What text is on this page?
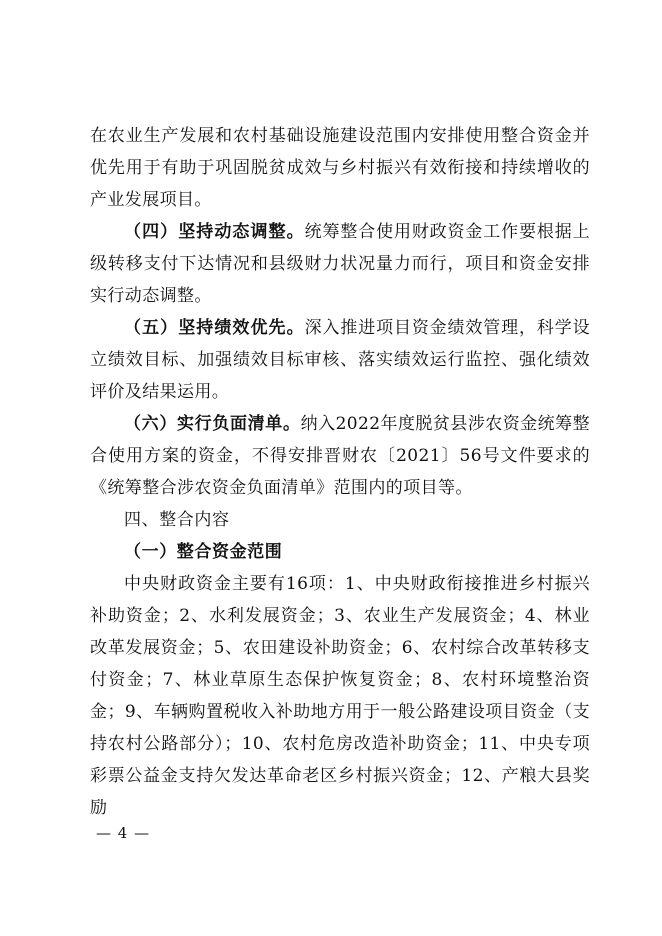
在农业生产发展和农村基础设施建设范围内安排使用整合资金并优先用于有助于巩固脱贫成效与乡村振兴有效衔接和持续增收的产业发展项目。

（四）坚持动态调整。统筹整合使用财政资金工作要根据上级转移支付下达情况和县级财力状况量力而行，项目和资金安排实行动态调整。

（五）坚持绩效优先。深入推进项目资金绩效管理，科学设立绩效目标、加强绩效目标审核、落实绩效运行监控、强化绩效评价及结果运用。

（六）实行负面清单。纳入2022年度脱贫县涉农资金统筹整合使用方案的资金，不得安排晋财农〔2021〕56号文件要求的《统筹整合涉农资金负面清单》范围内的项目等。

四、整合内容

（一）整合资金范围

中央财政资金主要有16项：1、中央财政衔接推进乡村振兴补助资金；2、水利发展资金；3、农业生产发展资金；4、林业改革发展资金；5、农田建设补助资金；6、农村综合改革转移支付资金；7、林业草原生态保护恢复资金；8、农村环境整治资金；9、车辆购置税收入补助地方用于一般公路建设项目资金（支持农村公路部分）；10、农村危房改造补助资金；11、中央专项彩票公益金支持欠发达革命老区乡村振兴资金；12、产粮大县奖励

— 4 —
